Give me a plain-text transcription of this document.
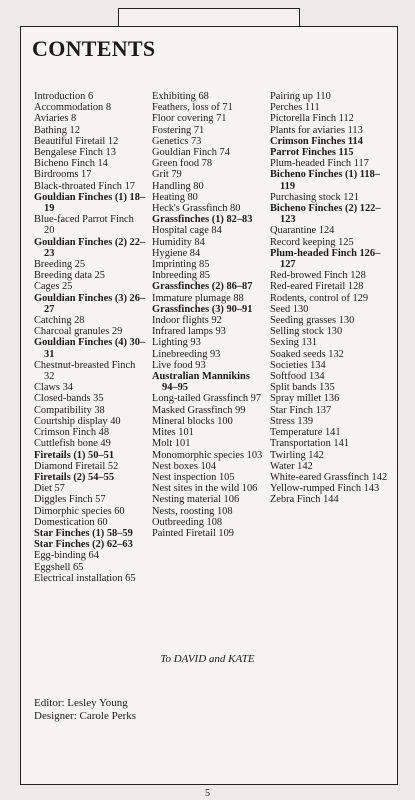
CONTENTS
Introduction 6
Accommodation 8
Aviaries 8
Bathing 12
Beautiful Firetail 12
Bengalese Finch 13
Bicheno Finch 14
Birdrooms 17
Black-throated Finch 17
Gouldian Finches (1) 18–19
Blue-faced Parrot Finch 20
Gouldian Finches (2) 22–23
Breeding 25
Breeding data 25
Cages 25
Gouldian Finches (3) 26–27
Catching 28
Charcoal granules 29
Gouldian Finches (4) 30–31
Chestnut-breasted Finch 32
Claws 34
Closed-bands 35
Compatibility 38
Courtship display 40
Crimson Finch 48
Cuttlefish bone 49
Firetails (1) 50–51
Diamond Firetail 52
Firetails (2) 54–55
Diet 57
Diggles Finch 57
Dimorphic species 60
Domestication 60
Star Finches (1) 58–59
Star Finches (2) 62–63
Egg-binding 64
Eggshell 65
Electrical installation 65
Exhibiting 68
Feathers, loss of 71
Floor covering 71
Fostering 71
Genetics 73
Gouldian Finch 74
Green food 78
Grit 79
Handling 80
Heating 80
Heck's Grassfinch 80
Grassfinches (1) 82–83
Hospital cage 84
Humidity 84
Hygiene 84
Imprinting 85
Inbreeding 85
Grassfinches (2) 86–87
Immature plumage 88
Grassfinches (3) 90–91
Indoor flights 92
Infrared lamps 93
Lighting 93
Linebreeding 93
Live food 93
Australian Mannikins 94–95
Long-tailed Grassfinch 97
Masked Grassfinch 99
Mineral blocks 100
Mites 101
Molt 101
Monomorphic species 103
Nest boxes 104
Nest inspection 105
Nest sites in the wild 106
Nesting material 106
Nests, roosting 108
Outbreeding 108
Painted Firetail 109
Pairing up 110
Perches 111
Pictorella Finch 112
Plants for aviaries 113
Crimson Finches 114
Parrot Finches 115
Plum-headed Finch 117
Bicheno Finches (1) 118–119
Purchasing stock 121
Bicheno Finches (2) 122–123
Quarantine 124
Record keeping 125
Plum-headed Finch 126–127
Red-browed Finch 128
Red-eared Firetail 128
Rodents, control of 129
Seed 130
Seeding grasses 130
Selling stock 130
Sexing 131
Soaked seeds 132
Societies 134
Softfood 134
Split bands 135
Spray millet 136
Star Finch 137
Stress 139
Temperature 141
Transportation 141
Twirling 142
Water 142
White-eared Grassfinch 142
Yellow-rumped Finch 143
Zebra Finch 144
To DAVID and KATE
Editor: Lesley Young
Designer: Carole Perks
5
